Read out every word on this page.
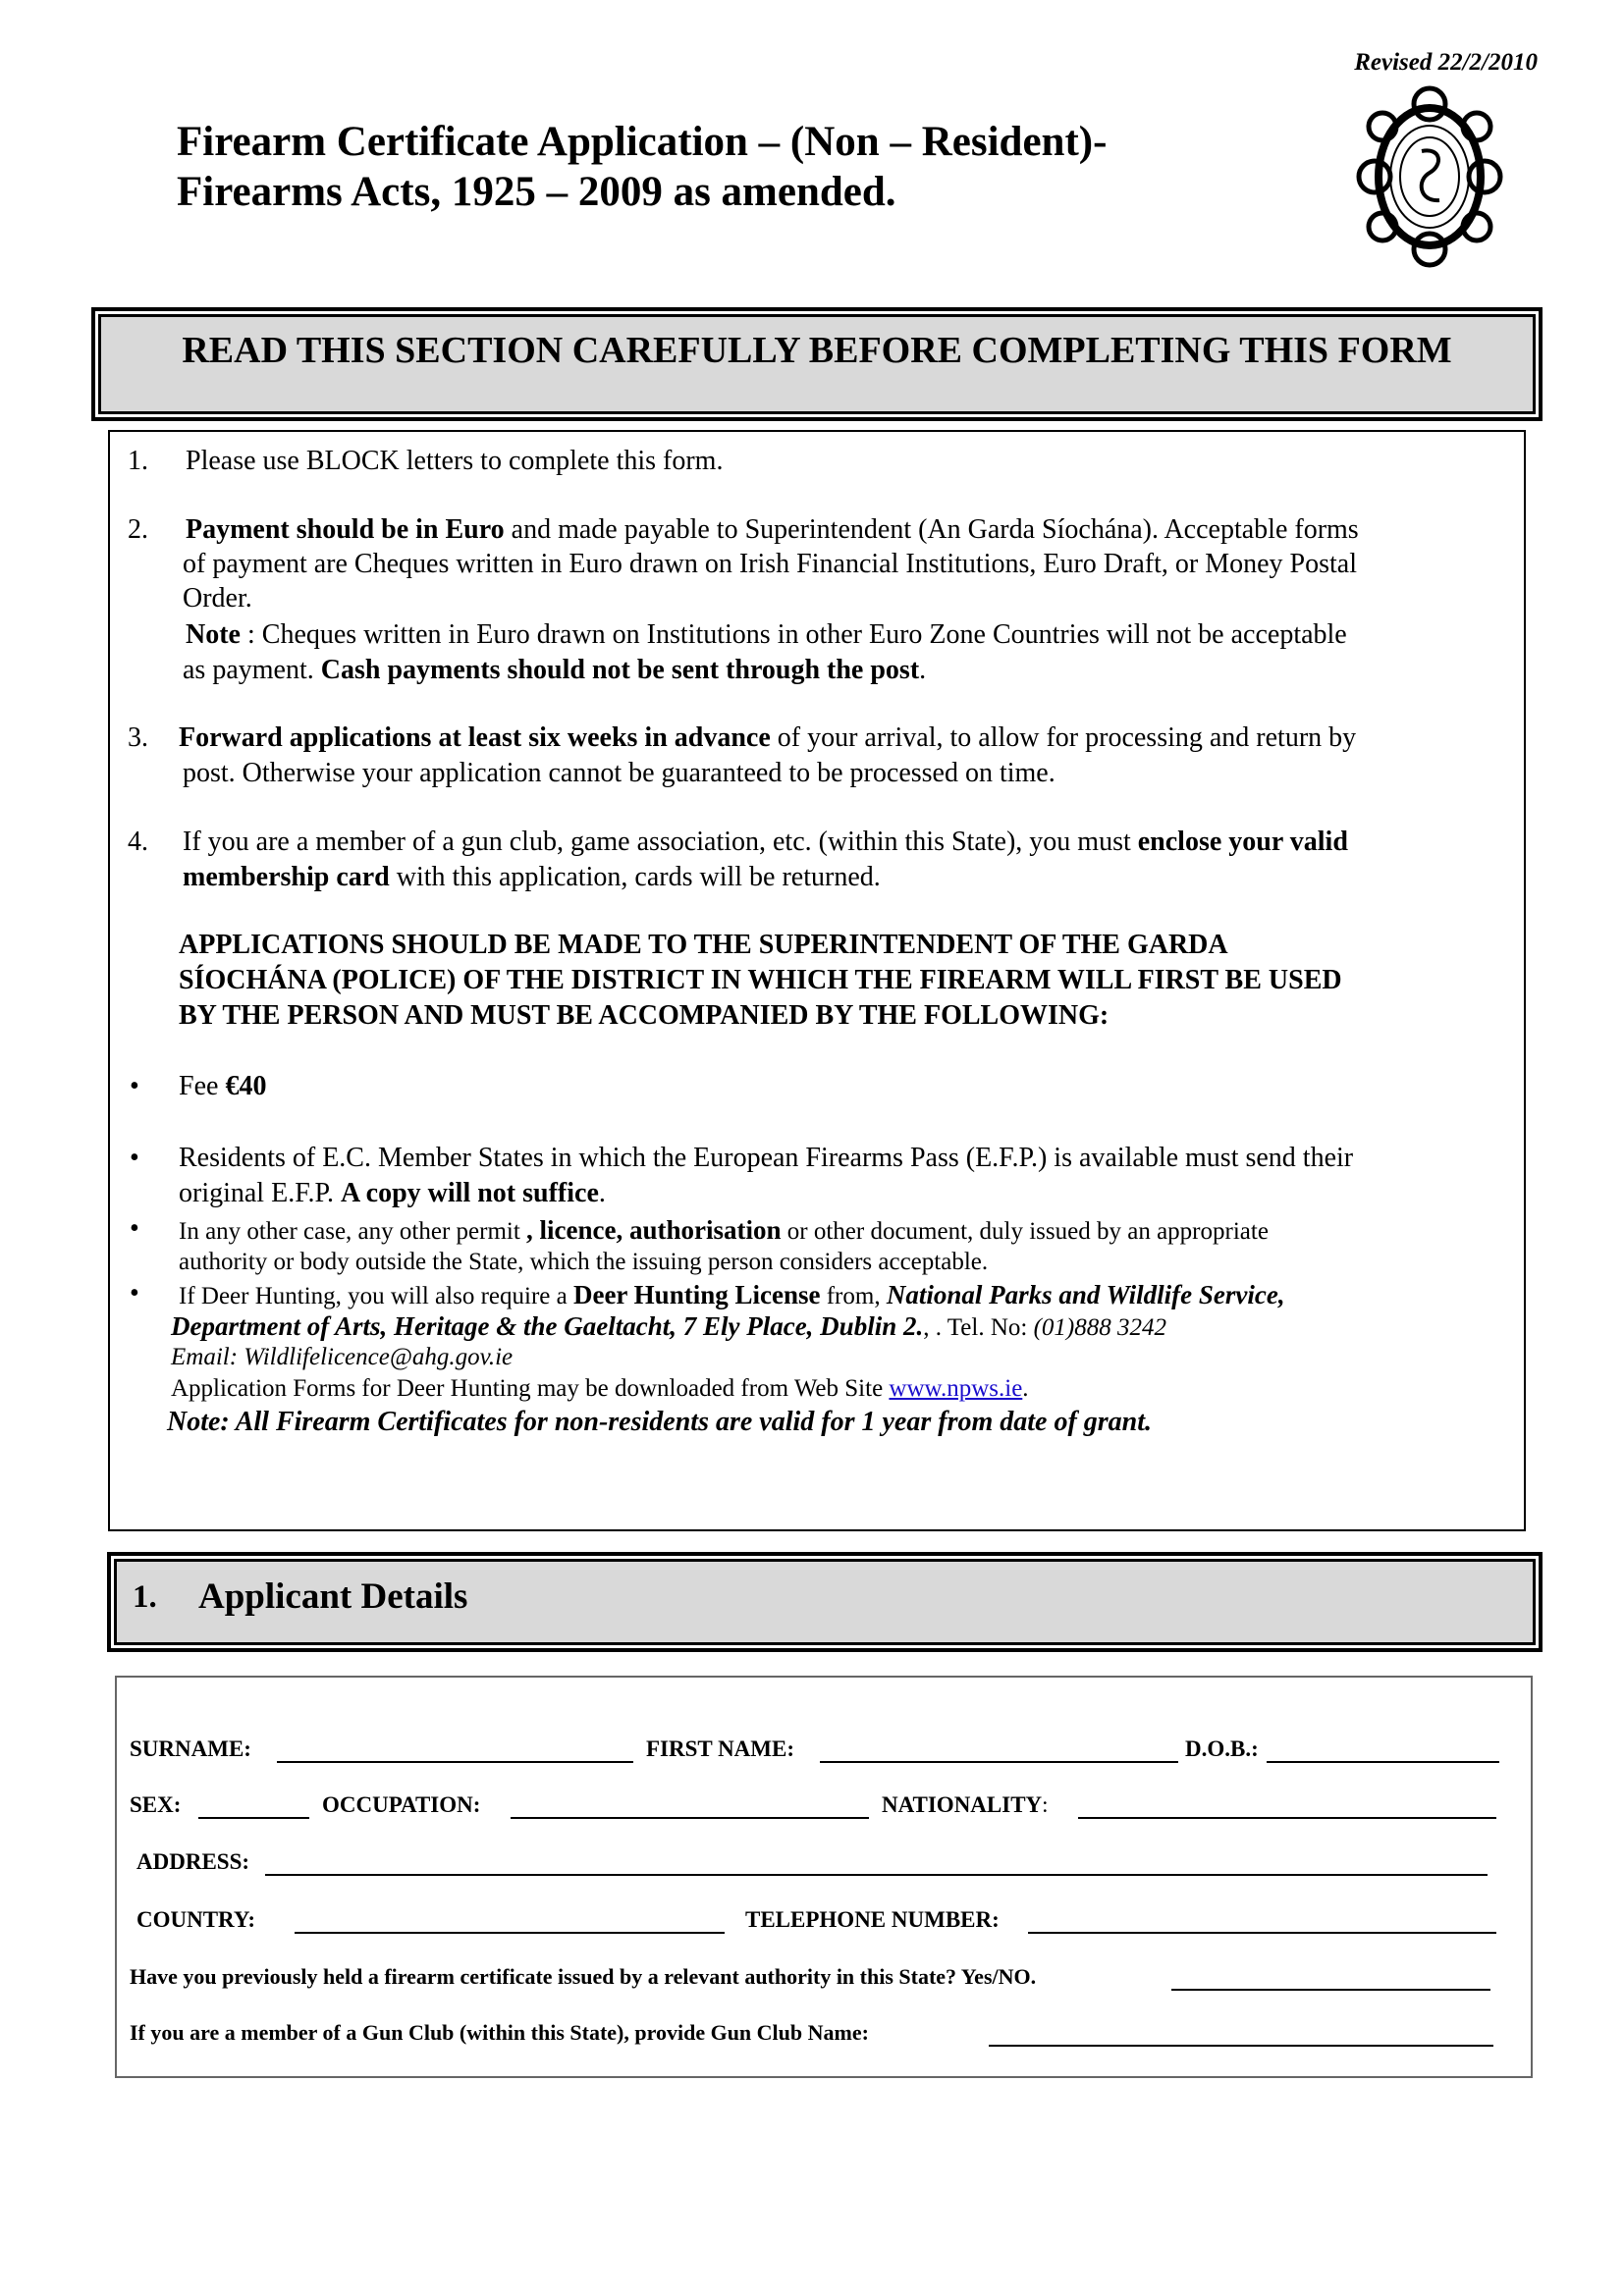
Revised 22/2/2010
Firearm Certificate Application – (Non – Resident)-
Firearms Acts, 1925 – 2009 as amended.
READ THIS SECTION CAREFULLY BEFORE COMPLETING THIS FORM
1. Please use BLOCK letters to complete this form.
2. Payment should be in Euro and made payable to Superintendent (An Garda Síochána). Acceptable forms
of payment are Cheques written in Euro drawn on Irish Financial Institutions, Euro Draft, or Money Postal
Order.
Note : Cheques written in Euro drawn on Institutions in other Euro Zone Countries will not be acceptable
as payment. Cash payments should not be sent through the post.
3. Forward applications at least six weeks in advance of your arrival, to allow for processing and return by
post. Otherwise your application cannot be guaranteed to be processed on time.
4. If you are a member of a gun club, game association, etc. (within this State), you must enclose your valid
membership card with this application, cards will be returned.
APPLICATIONS SHOULD BE MADE TO THE SUPERINTENDENT OF THE GARDA
SÍOCHÁNA (POLICE) OF THE DISTRICT IN WHICH THE FIREARM WILL FIRST BE USED
BY THE PERSON AND MUST BE ACCOMPANIED BY THE FOLLOWING:
• Fee €40
• Residents of E.C. Member States in which the European Firearms Pass (E.F.P.) is available must send their
original E.F.P. A copy will not suffice.
• In any other case, any other permit , licence, authorisation or other document, duly issued by an appropriate
authority or body outside the State, which the issuing person considers acceptable.
• If Deer Hunting, you will also require a Deer Hunting License from, National Parks and Wildlife Service,
Department of Arts, Heritage & the Gaeltacht, 7 Ely Place, Dublin 2., . Tel. No: (01)888 3242
Email: Wildlifelicence@ahg.gov.ie
Application Forms for Deer Hunting may be downloaded from Web Site www.npws.ie.
Note: All Firearm Certificates for non-residents are valid for 1 year from date of grant.
1. Applicant Details
SURNAME:	FIRST NAME:	D.O.B.:
SEX:	OCCUPATION:	NATIONALITY:
ADDRESS:
COUNTRY:	TELEPHONE NUMBER:
Have you previously held a firearm certificate issued by a relevant authority in this State? Yes/NO.
If you are a member of a Gun Club (within this State), provide Gun Club Name:
